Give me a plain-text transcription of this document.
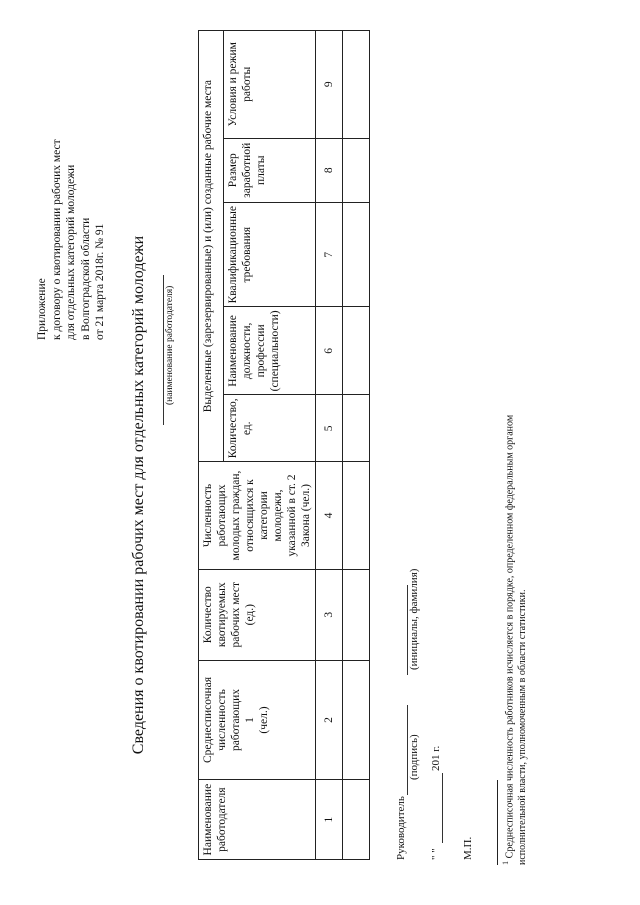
Приложение к договору о квотировании рабочих мест для отдельных категорий молодежи в Волгоградской области от 21 марта 2018г. № 91 Сведения о квотировании рабочих мест для отдельных категорий молодежи (наименование работодателя)
Наименование работодателя	Среднесписочная численность работающих 1 (чел.)	Количество квотируемых рабочих мест (ед.)	Численность работающих молодых граждан, относящихся к категории молодежи, указанной в ст. 2 Закона (чел.)	Выделенные (зарезервированные) и (или) созданные рабочие места				
				Количество, ед.	Наименование должности, профессии (специальности)	Квалификационные требования	Размер заработной платы	Условия и режим работы
1	2	3	4	5	6	7	8	9

Руководитель
(подпись)
(инициалы, фамилия)
" "
201 г.
М.П.
$^1$ Среднесписочная численность работников исчисляется в порядке, определенном федеральным органом исполнительной власти, уполномоченным в области статистики.
